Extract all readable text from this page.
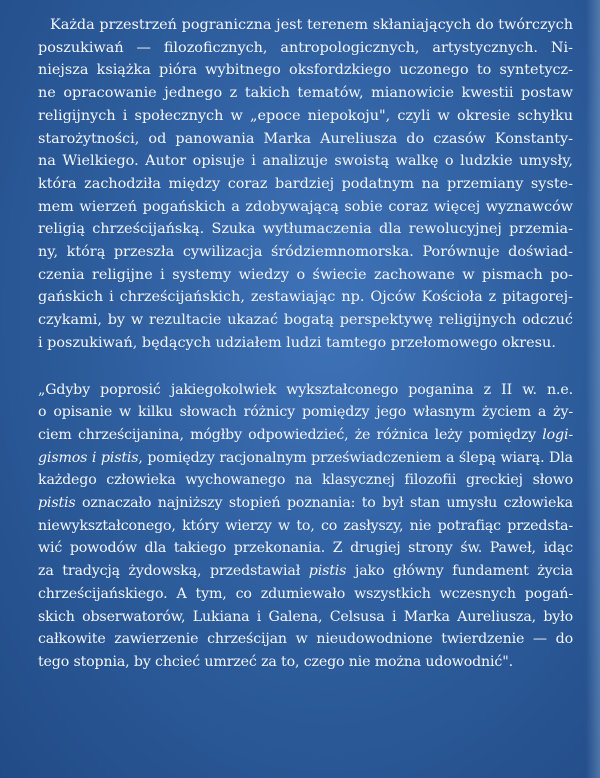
Każda przestrzeń pograniczna jest terenem skłaniających do twórczych
poszukiwań — filozoficznych, antropologicznych, artystycznych. Ni-
niejsza książka pióra wybitnego oksfordzkiego uczonego to syntetycz-
ne opracowanie jednego z takich tematów, mianowicie kwestii postaw
religijnych i społecznych w „epoce niepokoju", czyli w okresie schyłku
starożytności, od panowania Marka Aureliusza do czasów Konstanty-
na Wielkiego. Autor opisuje i analizuje swoistą walkę o ludzkie umysły,
która zachodziła między coraz bardziej podatnym na przemiany syste-
mem wierzeń pogańskich a zdobywającą sobie coraz więcej wyznawców
religią chrześcijańską. Szuka wytłumaczenia dla rewolucyjnej przemia-
ny, którą przeszła cywilizacja śródziemnomorska. Porównuje doświad-
czenia religijne i systemy wiedzy o świecie zachowane w pismach po-
gańskich i chrześcijańskich, zestawiając np. Ojców Kościoła z pitagorej-
czykami, by w rezultacie ukazać bogatą perspektywę religijnych odczuć
i poszukiwań, będących udziałem ludzi tamtego przełomowego okresu.

„Gdyby poprosić jakiegokolwiek wykształconego poganina z II w. n.e.
o opisanie w kilku słowach różnicy pomiędzy jego własnym życiem a ży-
ciem chrześcijanina, mógłby odpowiedzieć, że różnica leży pomiędzy logi-
gismos i pistis, pomiędzy racjonalnym przeświadczeniem a ślepą wiarą. Dla
każdego człowieka wychowanego na klasycznej filozofii greckiej słowo
pistis oznaczało najniższy stopień poznania: to był stan umysłu człowieka
niewykształconego, który wierzy w to, co zasłyszy, nie potrafiąc przedsta-
wić powodów dla takiego przekonania. Z drugiej strony św. Paweł, idąc
za tradycją żydowską, przedstawiał pistis jako główny fundament życia
chrześcijańskiego. A tym, co zdumiewało wszystkich wczesnych pogań-
skich obserwatorów, Lukiana i Galena, Celsusa i Marka Aureliusza, było
całkowite zawierzenie chrześcijan w nieudowodnione twierdzenie — do
tego stopnia, by chcieć umrzeć za to, czego nie można udowodnić".
